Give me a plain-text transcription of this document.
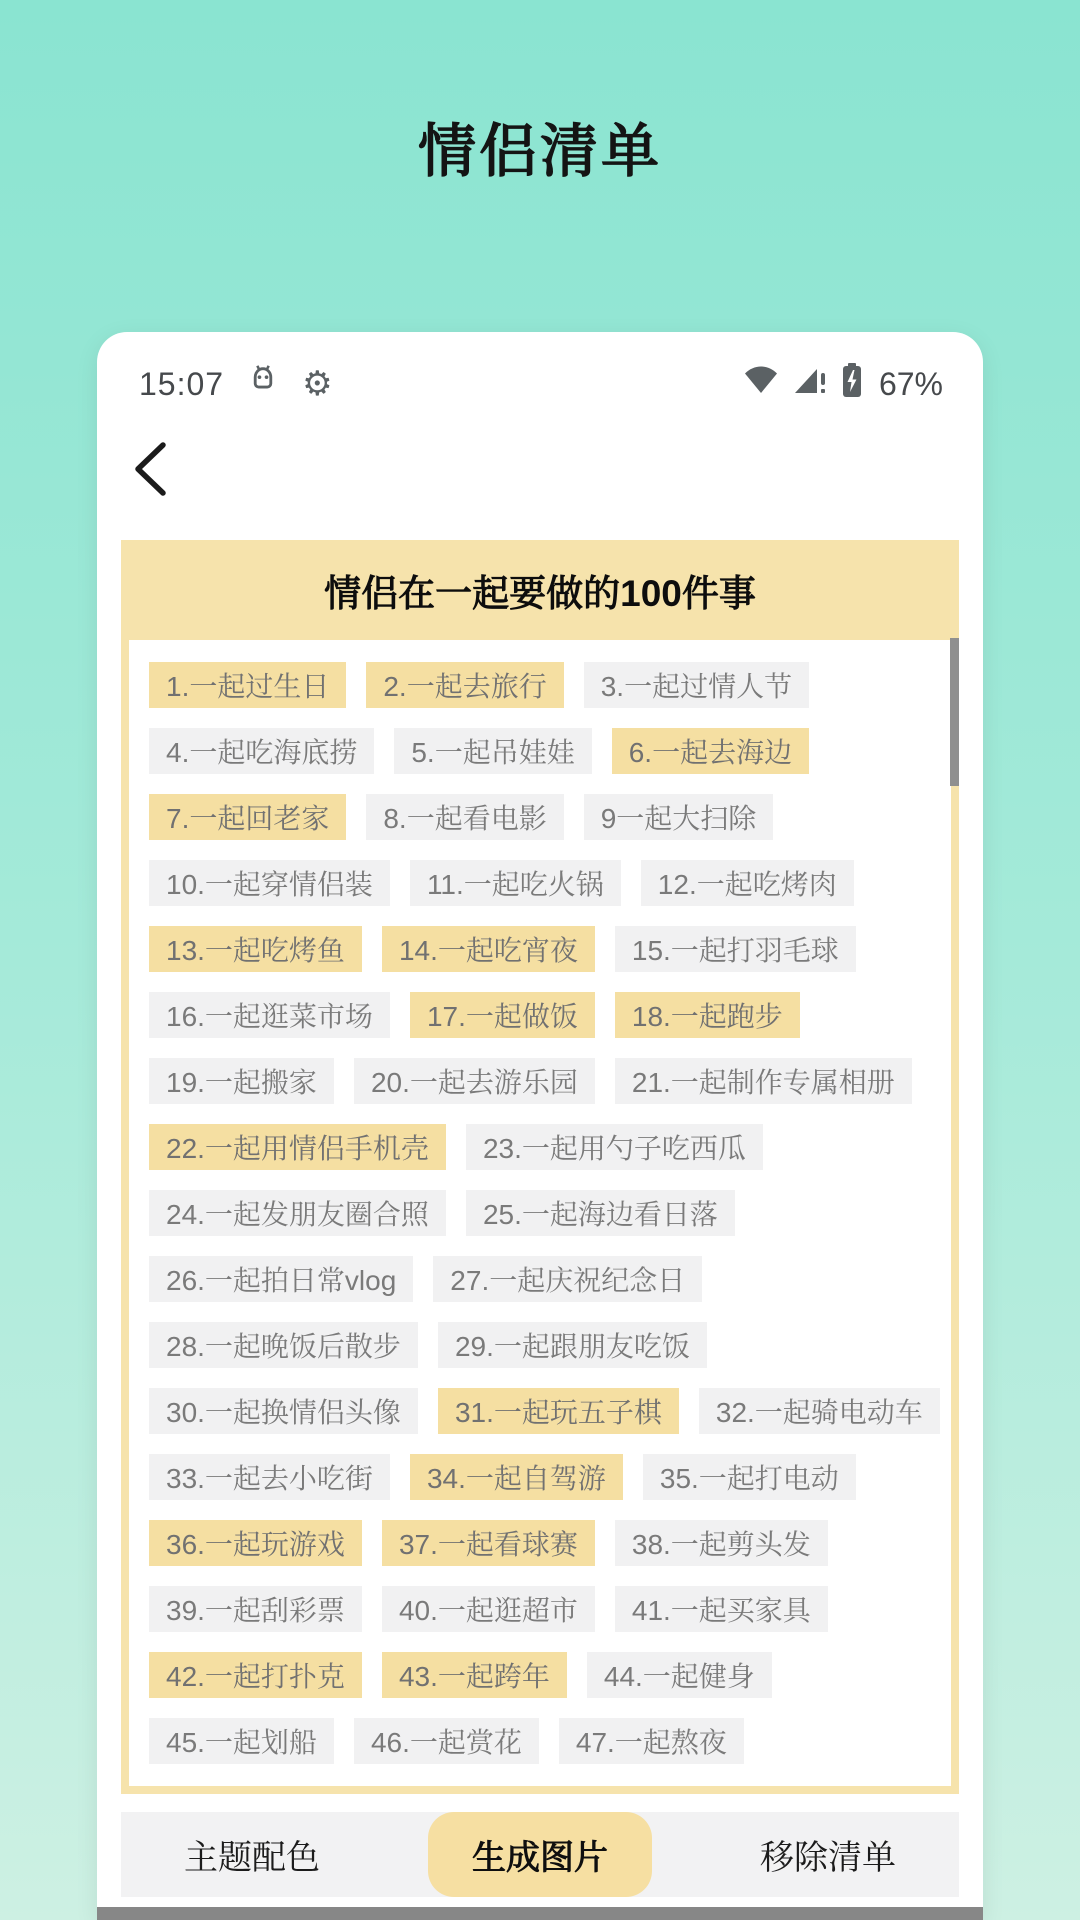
情侣清单
15:07 ⚙	67%
情侣在一起要做的100件事
1.一起过生日	2.一起去旅行	3.一起过情人节
4.一起吃海底捞	5.一起吊娃娃	6.一起去海边
7.一起回老家	8.一起看电影	9一起大扫除
10.一起穿情侣装	11.一起吃火锅	12.一起吃烤肉
13.一起吃烤鱼	14.一起吃宵夜	15.一起打羽毛球
16.一起逛菜市场	17.一起做饭	18.一起跑步
19.一起搬家	20.一起去游乐园	21.一起制作专属相册
22.一起用情侣手机壳	23.一起用勺子吃西瓜
24.一起发朋友圈合照	25.一起海边看日落
26.一起拍日常vlog	27.一起庆祝纪念日
28.一起晚饭后散步	29.一起跟朋友吃饭
30.一起换情侣头像	31.一起玩五子棋	32.一起骑电动车
33.一起去小吃街	34.一起自驾游	35.一起打电动
36.一起玩游戏	37.一起看球赛	38.一起剪头发
39.一起刮彩票	40.一起逛超市	41.一起买家具
42.一起打扑克	43.一起跨年	44.一起健身
45.一起划船	46.一起赏花	47.一起熬夜
主题配色	生成图片	移除清单
